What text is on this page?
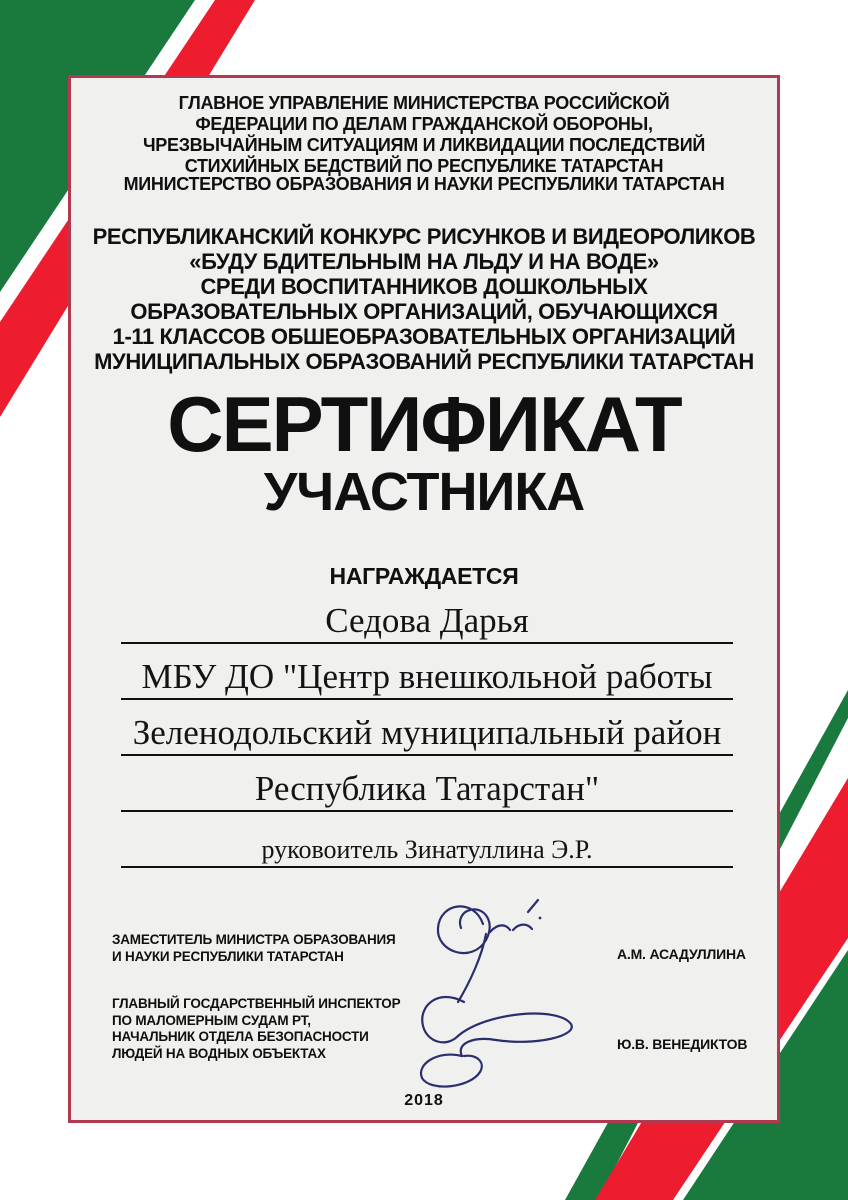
ГЛАВНОЕ УПРАВЛЕНИЕ МИНИСТЕРСТВА РОССИЙСКОЙ
ФЕДЕРАЦИИ ПО ДЕЛАМ ГРАЖДАНСКОЙ ОБОРОНЫ,
ЧРЕЗВЫЧАЙНЫМ СИТУАЦИЯМ И ЛИКВИДАЦИИ ПОСЛЕДСТВИЙ
СТИХИЙНЫХ БЕДСТВИЙ ПО РЕСПУБЛИКЕ ТАТАРСТАН
МИНИСТЕРСТВО ОБРАЗОВАНИЯ И НАУКИ РЕСПУБЛИКИ ТАТАРСТАН
РЕСПУБЛИКАНСКИЙ КОНКУРС РИСУНКОВ И ВИДЕОРОЛИКОВ
«БУДУ БДИТЕЛЬНЫМ НА ЛЬДУ И НА ВОДЕ»
СРЕДИ ВОСПИТАННИКОВ ДОШКОЛЬНЫХ
ОБРАЗОВАТЕЛЬНЫХ ОРГАНИЗАЦИЙ, ОБУЧАЮЩИХСЯ
1-11 КЛАССОВ ОБШЕОБРАЗОВАТЕЛЬНЫХ ОРГАНИЗАЦИЙ
МУНИЦИПАЛЬНЫХ ОБРАЗОВАНИЙ РЕСПУБЛИКИ ТАТАРСТАН
СЕРТИФИКАТ
УЧАСТНИКА
НАГРАЖДАЕТСЯ
Седова Дарья
МБУ ДО "Центр внешкольной работы
Зеленодольский муниципальный район
Республика Татарстан"
руковоитель Зинатуллина Э.Р.
ЗАМЕСТИТЕЛЬ МИНИСТРА ОБРАЗОВАНИЯ
И НАУКИ РЕСПУБЛИКИ ТАТАРСТАН	А.М. АСАДУЛЛИНА
ГЛАВНЫЙ ГОСДАРСТВЕННЫЙ ИНСПЕКТОР
ПО МАЛОМЕРНЫМ СУДАМ РТ,
НАЧАЛЬНИК ОТДЕЛА БЕЗОПАСНОСТИ
ЛЮДЕЙ НА ВОДНЫХ ОБЪЕКТАХ
Ю.В. ВЕНЕДИКТОВ
2018
